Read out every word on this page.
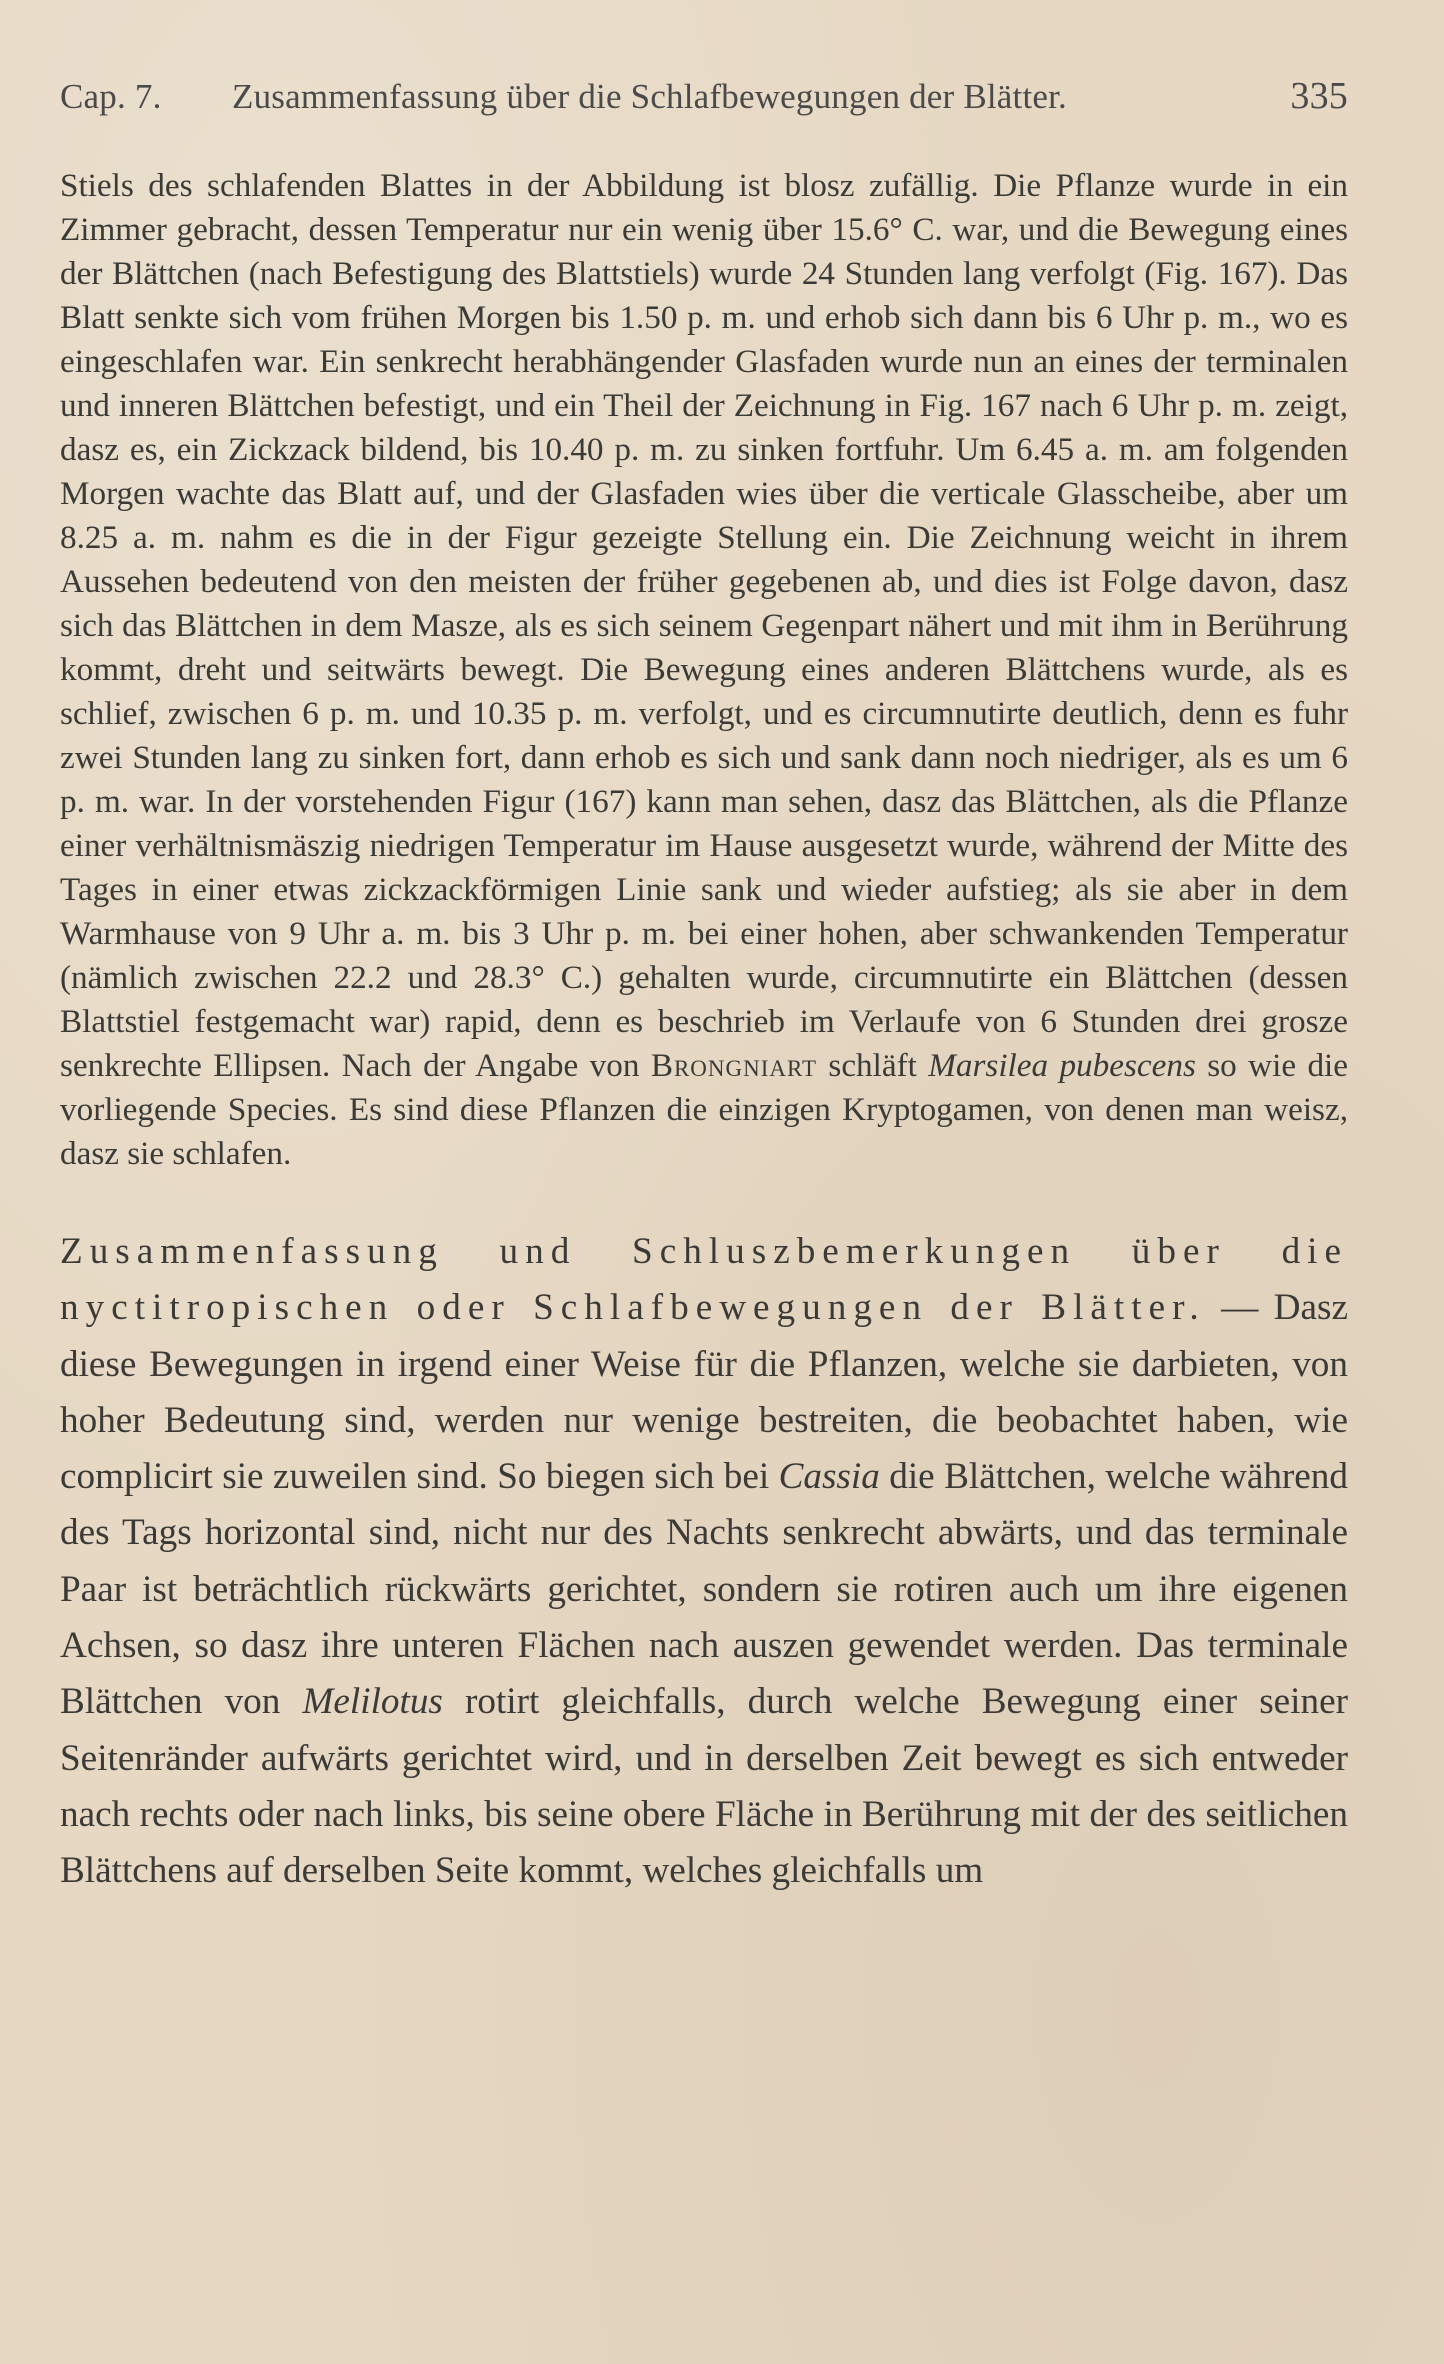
Cap. 7.	Zusammenfassung über die Schlafbewegungen der Blätter.	335

Stiels des schlafenden Blattes in der Abbildung ist blosz zufällig. Die Pflanze wurde in ein Zimmer gebracht, dessen Temperatur nur ein wenig über 15.6° C. war, und die Bewegung eines der Blättchen (nach Befestigung des Blattstiels) wurde 24 Stunden lang verfolgt (Fig. 167). Das Blatt senkte sich vom frühen Morgen bis 1.50 p. m. und erhob sich dann bis 6 Uhr p. m., wo es eingeschlafen war. Ein senkrecht herabhängender Glasfaden wurde nun an eines der terminalen und inneren Blättchen befestigt, und ein Theil der Zeichnung in Fig. 167 nach 6 Uhr p. m. zeigt, dasz es, ein Zickzack bildend, bis 10.40 p. m. zu sinken fortfuhr. Um 6.45 a. m. am folgenden Morgen wachte das Blatt auf, und der Glasfaden wies über die verticale Glasscheibe, aber um 8.25 a. m. nahm es die in der Figur gezeigte Stellung ein. Die Zeichnung weicht in ihrem Aussehen bedeutend von den meisten der früher gegebenen ab, und dies ist Folge davon, dasz sich das Blättchen in dem Masze, als es sich seinem Gegenpart nähert und mit ihm in Berührung kommt, dreht und seitwärts bewegt. Die Bewegung eines anderen Blättchens wurde, als es schlief, zwischen 6 p. m. und 10.35 p. m. verfolgt, und es circumnutirte deutlich, denn es fuhr zwei Stunden lang zu sinken fort, dann erhob es sich und sank dann noch niedriger, als es um 6 p. m. war. In der vorstehenden Figur (167) kann man sehen, dasz das Blättchen, als die Pflanze einer verhältnismäszig niedrigen Temperatur im Hause ausgesetzt wurde, während der Mitte des Tages in einer etwas zickzackförmigen Linie sank und wieder aufstieg; als sie aber in dem Warmhause von 9 Uhr a. m. bis 3 Uhr p. m. bei einer hohen, aber schwankenden Temperatur (nämlich zwischen 22.2 und 28.3° C.) gehalten wurde, circumnutirte ein Blättchen (dessen Blattstiel festgemacht war) rapid, denn es beschrieb im Verlaufe von 6 Stunden drei grosze senkrechte Ellipsen. Nach der Angabe von Brongniart schläft Marsilea pubescens so wie die vorliegende Species. Es sind diese Pflanzen die einzigen Kryptogamen, von denen man weisz, dasz sie schlafen.

Zusammenfassung und Schluszbemerkungen über die nyctitropischen oder Schlafbewegungen der Blätter. — Dasz diese Bewegungen in irgend einer Weise für die Pflanzen, welche sie darbieten, von hoher Bedeutung sind, werden nur wenige bestreiten, die beobachtet haben, wie complicirt sie zuweilen sind. So biegen sich bei Cassia die Blättchen, welche während des Tags horizontal sind, nicht nur des Nachts senkrecht abwärts, und das terminale Paar ist beträchtlich rückwärts gerichtet, sondern sie rotiren auch um ihre eigenen Achsen, so dasz ihre unteren Flächen nach auszen gewendet werden. Das terminale Blättchen von Melilotus rotirt gleichfalls, durch welche Bewegung einer seiner Seitenränder aufwärts gerichtet wird, und in derselben Zeit bewegt es sich entweder nach rechts oder nach links, bis seine obere Fläche in Berührung mit der des seitlichen Blättchens auf derselben Seite kommt, welches gleichfalls um
